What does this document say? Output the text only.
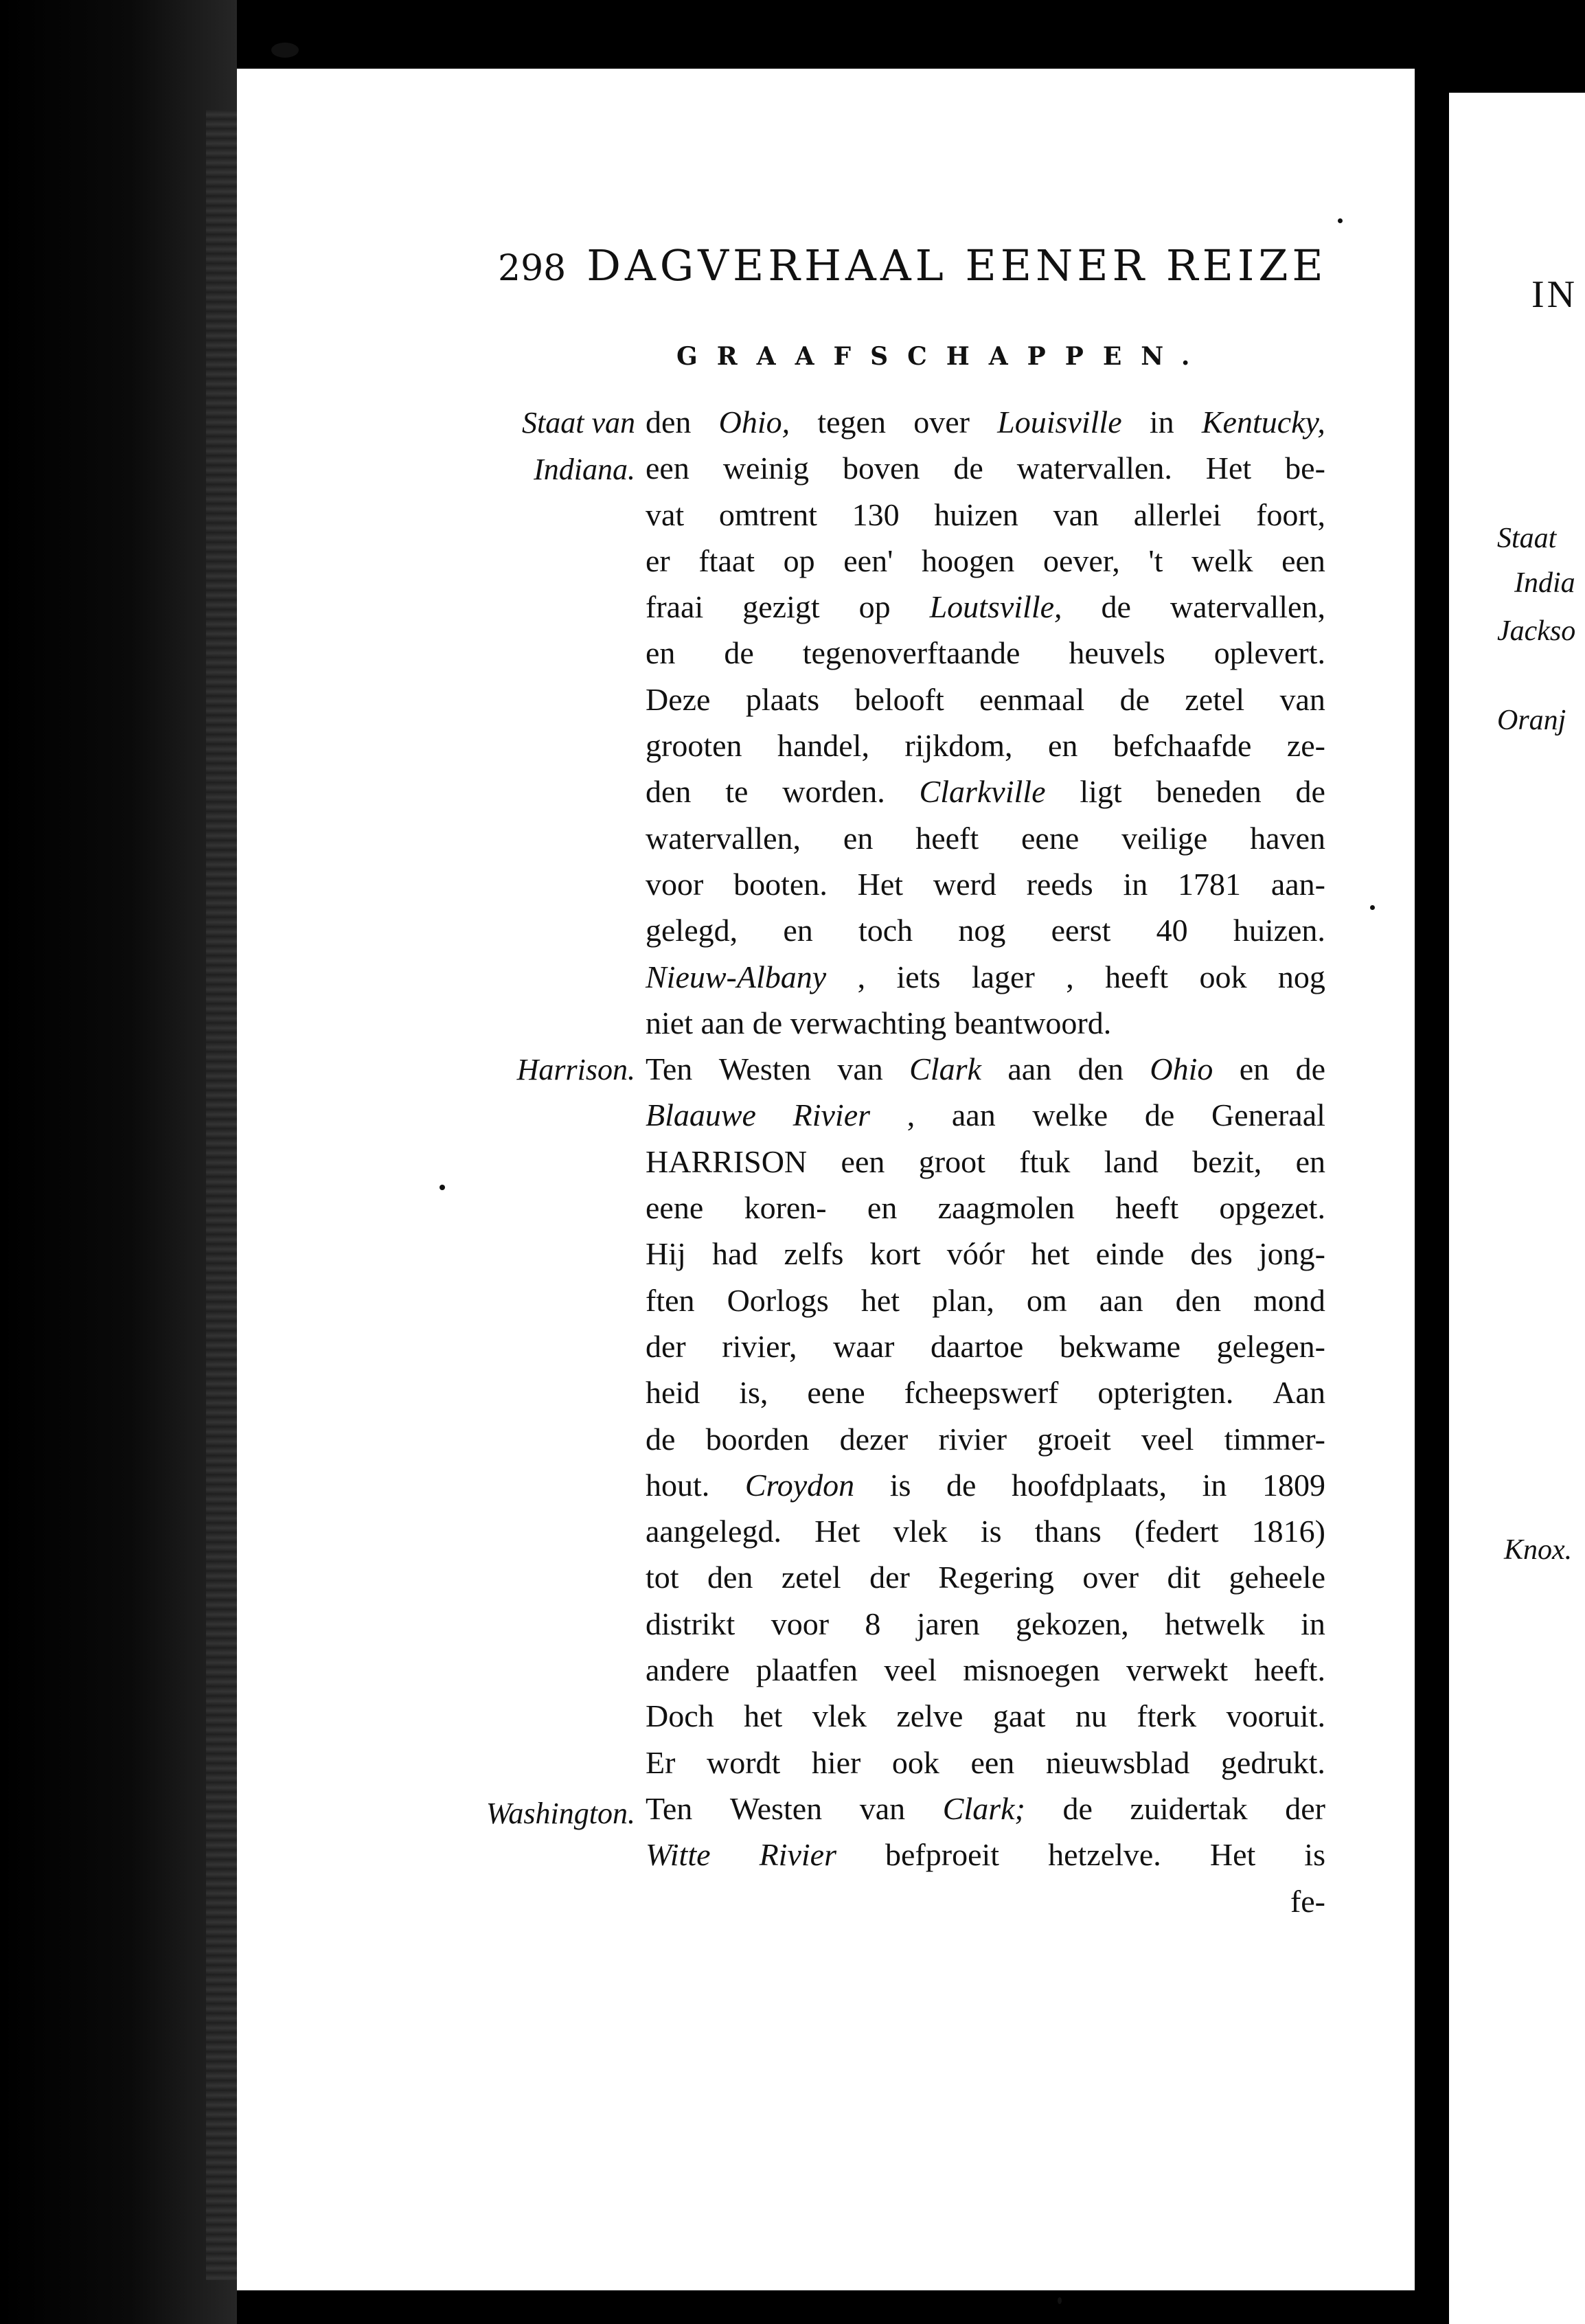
298 DAGVERHAAL EENER REIZE
GRAAFSCHAPPEN.
Staat van
Indiana.
Harrison.
Washington.
den Ohio, tegen over Louisville in Kentucky,
een weinig boven de watervallen. Het be-
vat omtrent 130 huizen van allerlei foort,
er ftaat op een' hoogen oever, 't welk een
fraai gezigt op Loutsville, de watervallen,
en de tegenoverftaande heuvels oplevert.
Deze plaats belooft eenmaal de zetel van
grooten handel, rijkdom, en befchaafde ze-
den te worden. Clarkville ligt beneden de
watervallen, en heeft eene veilige haven
voor booten. Het werd reeds in 1781 aan-
gelegd, en toch nog eerst 40 huizen.
Nieuw-Albany , iets lager , heeft ook nog
niet aan de verwachting beantwoord.
Ten Westen van Clark aan den Ohio en de
Blaauwe Rivier , aan welke de Generaal
HARRISON een groot ftuk land bezit, en
eene koren- en zaagmolen heeft opgezet.
Hij had zelfs kort vóór het einde des jong-
ften Oorlogs het plan, om aan den mond
der rivier, waar daartoe bekwame gelegen-
heid is, eene fcheepswerf opterigten. Aan
de boorden dezer rivier groeit veel timmer-
hout. Croydon is de hoofdplaats, in 1809
aangelegd. Het vlek is thans (federt 1816)
tot den zetel der Regering over dit geheele
distrikt voor 8 jaren gekozen, hetwelk in
andere plaatfen veel misnoegen verwekt heeft.
Doch het vlek zelve gaat nu fterk vooruit.
Er wordt hier ook een nieuwsblad gedrukt.
Ten Westen van Clark; de zuidertak der
Witte Rivier befproeit hetzelve. Het is
fe-
IN
Staat
India
Jackso
Oranj
Knox.
